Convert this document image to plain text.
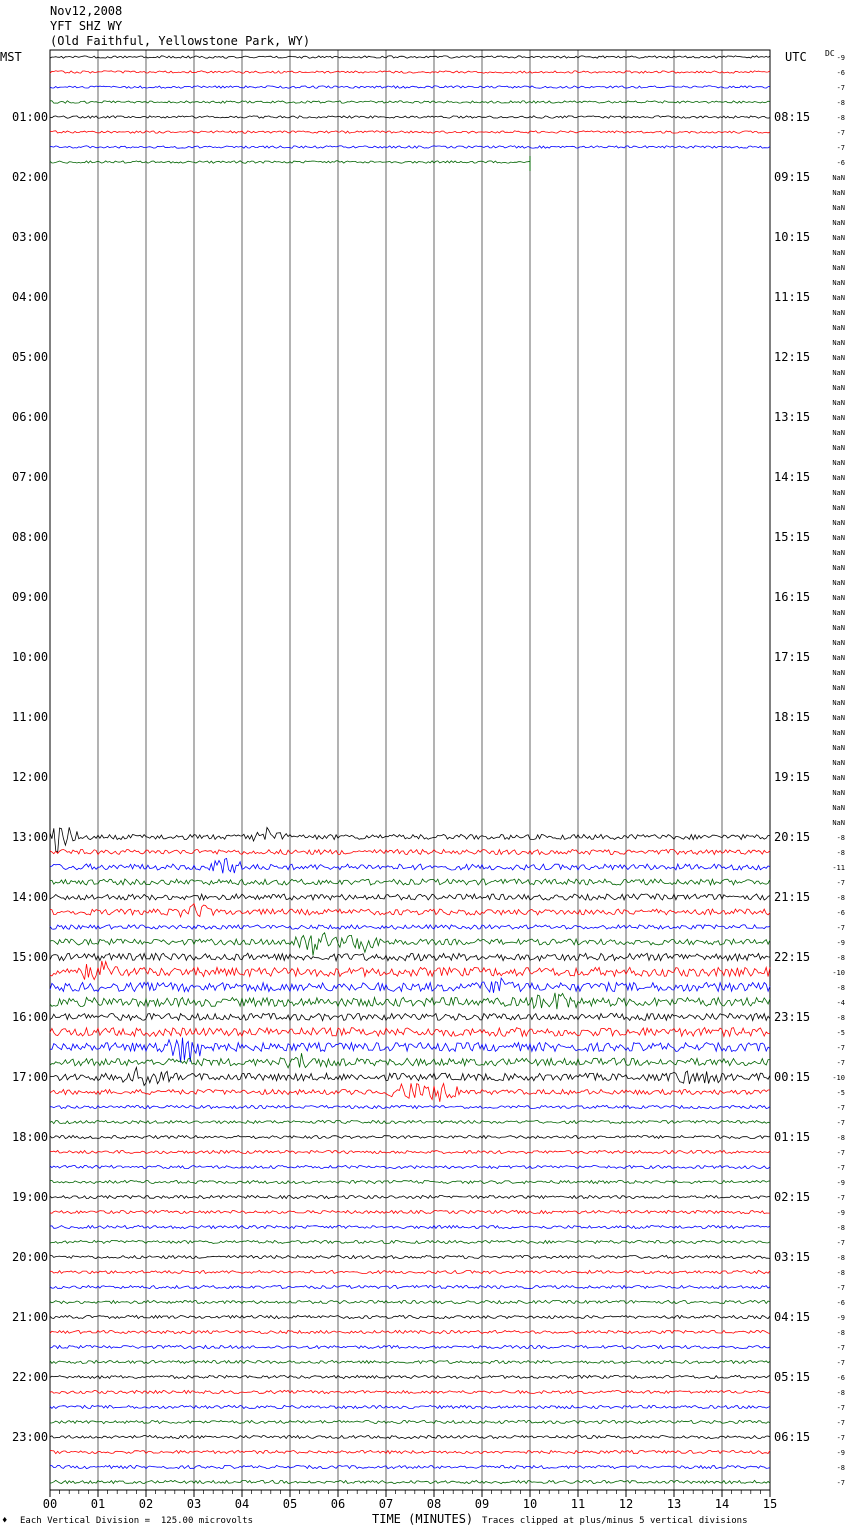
Nov12,2008
YFT SHZ WY
(Old Faithful, Yellowstone Park, WY)
-9
-6
-7
-8
-8
-7
-7
-6
NaN
NaN
NaN
NaN
NaN
NaN
NaN
NaN
NaN
NaN
NaN
NaN
NaN
NaN
NaN
NaN
NaN
NaN
NaN
NaN
NaN
NaN
NaN
NaN
NaN
NaN
NaN
NaN
NaN
NaN
NaN
NaN
NaN
NaN
NaN
NaN
NaN
NaN
NaN
NaN
NaN
NaN
NaN
NaN
-8
-8
-11
-7
-8
-6
-7
-9
-8
-10
-8
-4
-8
-5
-7
-7
-10
-5
-7
-7
-8
-7
-7
-9
-7
-9
-8
-7
-8
-8
-7
-6
-9
-8
-7
-7
-6
-8
-7
-7
-7
-9
-8
-7
01:00
02:00
03:00
04:00
05:00
06:00
07:00
08:00
09:00
10:00
11:00
12:00
13:00
14:00
15:00
16:00
17:00
18:00
19:00
20:00
21:00
22:00
23:00
08:15
09:15
10:15
11:15
12:15
13:15
14:15
15:15
16:15
17:15
18:15
19:15
20:15
21:15
22:15
23:15
00:15
01:15
02:15
03:15
04:15
05:15
06:15
MST	UTC DC
00	01	02	03	04	05	06	07	08	09	10	11	12	13	14	15
♦ Each Vertical Division =  125.00 microvolts	TIME (MINUTES) Traces clipped at plus/minus 5 vertical divisions
